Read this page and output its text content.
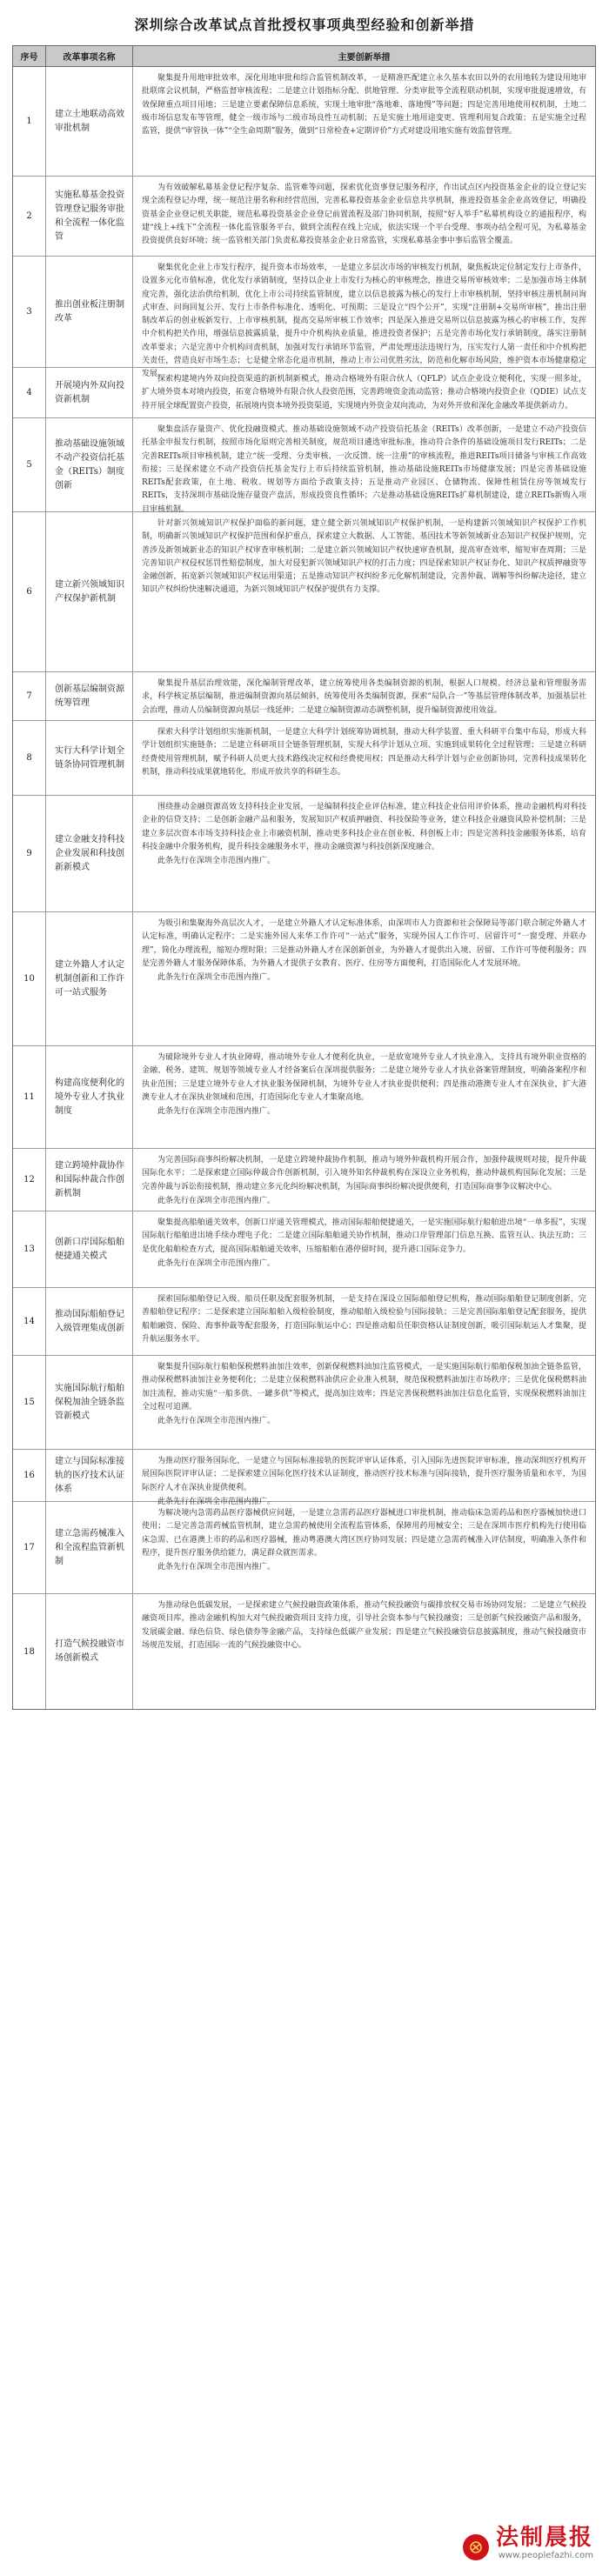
深圳综合改革试点首批授权事项典型经验和创新举措
序号	改革事项名称	主要创新举措
1
建立土地联动高效审批机制

聚集提升用地审批效率，深化用地审批和综合监管机制改革，一是精准匹配建立永久基本农田以外的农用地转为建设用地审批联席会议机制，严格监督审核流程；二是建立计划指标分配、供地管理、分类审批等全流程联动机制，实现审批提速增效，有效保障重点项目用地；三是建立要素保障信息系统，实现土地审批“落地难、落地慢”等问题；四是完善用地使用权机制，土地二级市场信息发布等管理，健全一级市场与二级市场良性互动机制；五是实施土地用途变更、管理利用复合政策；五是实施全过程监管，提供“审管执一体”“全生命周期”服务，做到“日常检查+定期评价”方式对建设用地实施有效监督管理。

2
实施私募基金投资管理登记服务审批和全流程一体化监管

为有效破解私募基金登记程序复杂、监管难等问题，探索优化资事登记服务程序，作出试点区内投资基金企业的设立登记实现全流程登记办理，统一规范注册名称和经营范围，完善私募投资基金企业信息共享机制，推进投资基金企业高效登记，明确投资基金企业登记机关职能，规范私募投资基金企业登记前置流程及部门协同机制，按照“好人举手”私募机构设立的通报程序，构建“线上+线下”全流程一体化监管服务平台，做到全流程在线上完成，依法实现一个平台受理、事项办结全程可见，为私募基金投资提供良好环境；统一监管相关部门负责私募投资基金企业日常监管，实现私募基金事中事后监管全覆盖。

3
推出创业板注册制改革

聚集优化企业上市发行程序，提升资本市场效率，一是建立多层次市场的审核发行机制，聚焦板块定位制定发行上市条件，设置多元化市值标准，优化发行承销制度，坚持以企业上市发行为核心的审核理念，推进交易所审核效率；二是加强市场主体制度完善，强化法治供给机制，优化上市公司持续监管制度，建立以信息披露为核心的发行上市审核机制，坚持审核注册机制问询式审查、问询回复公开、发行上市条件标准化、透明化、可预期；三是设立“四个公开”，实现“注册制+交易所审核”，推出注册制改革后的创业板新发行、上市审核机制，提高交易所审核工作效率；四是深入推进交易所以信息披露为核心的审核工作，发挥中介机构把关作用，增强信息披露质量，提升中介机构执业质量，推进投资者保护；五是完善市场化发行承销制度，落实注册制改革要求；六是完善中介机构问责机制，加强对发行承销环节监管，严肃处理违法违规行为，压实发行人第一责任和中介机构把关责任，营造良好市场生态；七是健全常态化退市机制，推动上市公司优胜劣汰，防范和化解市场风险，维护资本市场健康稳定发展。

4
开展境内外双向投资新机制

探索构建境内外双向投资渠道的新机制新模式，推动合格境外有限合伙人（QFLP）试点企业设立便利化，实现一照多址，扩大境外资本对境内投资，拓宽合格境外有限合伙人投资范围，完善跨境资金流动监管；推动合格境内投资企业（QDIE）试点支持开展全球配置资产投资，拓展境内资本境外投资渠道，实现境内外资金双向流动，为对外开放和深化金融改革提供新动力。

5
推动基础设施领域不动产投资信托基金（REITs）制度创新

聚集盘活存量资产、优化投融资模式、推动基础设施领域不动产投资信托基金（REITs）改革创新，一是建立不动产投资信托基金申报发行机制，按照市场化原则完善相关制度，规范项目遴选审批标准，推动符合条件的基础设施项目发行REITs；二是完善REITs项目审核机制，建立“统一受理、分类审核、一次反馈、统一注册”的审核流程，推进REITs项目储备与审核工作高效衔接；三是探索建立不动产投资信托基金发行上市后持续监管机制，推动基础设施REITs市场健康发展；四是完善基础设施REITs配套政策，在土地、税收、规划等方面给予政策支持；五是推动产业园区、仓储物流、保障性租赁住房等领域发行REITs，支持深圳市基础设施存量资产盘活，形成投资良性循环；六是推动基础设施REITs扩募机制建设，建立REITs新购入项目审核机制。

6
建立新兴领域知识产权保护新机制

针对新兴领域知识产权保护面临的新问题，建立健全新兴领域知识产权保护机制，一是构建新兴领域知识产权保护工作机制，明确新兴领域知识产权保护范围和保护重点，探索建立大数据、人工智能、基因技术等新领域新业态知识产权保护规则，完善涉及新领域新业态的知识产权审查审核机制；二是建立新兴领域知识产权快速审查机制，提高审查效率，缩短审查周期；三是完善知识产权侵权惩罚性赔偿制度，加大对侵犯新兴领域知识产权的打击力度；四是探索知识产权证券化、知识产权质押融资等金融创新，拓宽新兴领域知识产权运用渠道；五是推动知识产权纠纷多元化解机制建设，完善仲裁、调解等纠纷解决途径，建立知识产权纠纷快速解决通道，为新兴领域知识产权保护提供有力支撑。

7
创新基层编制资源统筹管理

聚集提升基层治理效能，深化编制管理改革，建立统筹使用各类编制资源的机制，根据人口规模、经济总量和管理服务需求，科学核定基层编制，推进编制资源向基层倾斜，统筹使用各类编制资源，探索“局队合一”等基层管理体制改革，加强基层社会治理，推动人员编制资源向基层一线延伸；二是建立编制资源动态调整机制，提升编制资源使用效益。

8
实行大科学计划全链条协同管理机制

探索大科学计划组织实施新机制，一是建立大科学计划统筹协调机制，推动大科学装置、重大科研平台集中布局，形成大科学计划组织实施链条；二是建立科研项目全链条管理机制，实现大科学计划从立项、实施到成果转化全过程管理；三是建立科研经费使用管理机制，赋予科研人员更大技术路线决定权和经费使用权；四是推动大科学计划与企业创新协同，完善科技成果转化机制，推动科技成果就地转化，形成开放共享的科研生态。

9
建立金融支持科技企业发展和科技创新新模式

围绕推动金融资源高效支持科技企业发展，一是编制科技企业评估标准，建立科技企业信用评价体系，推动金融机构对科技企业的信贷支持；二是创新金融产品和服务，发展知识产权质押融资、科技保险等业务，建立科技企业融资风险补偿机制；三是建立多层次资本市场支持科技企业上市融资机制，推动更多科技企业在创业板、科创板上市；四是完善科技金融服务体系，培育科技金融中介服务机构，提升科技金融服务水平，推动金融资源与科技创新深度融合。

此条先行在深圳全市范围内推广。

10
建立外籍人才认定机制创新和工作许可一站式服务

为吸引和集聚海外高层次人才，一是建立外籍人才认定标准体系，由深圳市人力资源和社会保障局等部门联合制定外籍人才认定标准，明确认定程序；二是实施外国人来华工作许可“一站式”服务，实现外国人工作许可、居留许可“一窗受理、并联办理”，简化办理流程，缩短办理时限；三是推动外籍人才在深创新创业，为外籍人才提供出入境、居留、工作许可等便利服务；四是完善外籍人才服务保障体系，为外籍人才提供子女教育、医疗、住房等方面便利，打造国际化人才发展环境。

此条先行在深圳全市范围内推广。

11
构建高度便利化的境外专业人才执业制度

为破除境外专业人才执业障碍，推动境外专业人才便利化执业，一是放宽境外专业人才执业准入，支持具有境外职业资格的金融、税务、建筑、规划等领域专业人才经备案后在深圳提供服务；二是建立境外专业人才执业备案管理制度，明确备案程序和执业范围；三是建立境外专业人才执业服务保障机制，为境外专业人才执业提供便利；四是推动港澳专业人才在深执业，扩大港澳专业人才在深执业领域和范围，打造国际化专业人才集聚高地。

此条先行在深圳全市范围内推广。

12
建立跨境仲裁协作和国际仲裁合作创新机制

为完善国际商事纠纷解决机制，一是建立跨境仲裁协作机制，推动与境外仲裁机构开展合作，加强仲裁规则对接，提升仲裁国际化水平；二是探索建立国际仲裁合作创新机制，引入境外知名仲裁机构在深设立业务机构，推动仲裁机构国际化发展；三是完善仲裁与诉讼衔接机制，推动建立多元化纠纷解决机制，为国际商事纠纷解决提供便利，打造国际商事争议解决中心。

此条先行在深圳全市范围内推广。

13
创新口岸国际船舶便捷通关模式

聚集提高船舶通关效率，创新口岸通关管理模式，推动国际船舶便捷通关，一是实施国际航行船舶进出境“一单多报”，实现国际航行船舶进出境手续办理电子化；二是建立国际船舶通关协作机制，推动口岸管理部门信息互换、监管互认、执法互助；三是优化船舶检查方式，提高国际船舶通关效率，压缩船舶在港停留时间，提升港口国际竞争力。

此条先行在深圳全市范围内推广。

14
推动国际船舶登记入级管理集成创新

探索国际船舶登记入级、船员任职及配套服务机制，一是支持在深设立国际船舶登记机构，推动国际船舶登记制度创新，完善船舶登记程序；二是探索建立国际船舶入级检验制度，推动船舶入级检验与国际接轨；三是完善国际船舶登记配套服务，提供船舶融资、保险、海事仲裁等配套服务，打造国际航运中心；四是推动船员任职资格认证制度创新，吸引国际航运人才集聚，提升航运服务水平。

15
实施国际航行船舶保税加油全链条监管新模式

聚集提升国际航行船舶保税燃料油加注效率，创新保税燃料油加注监管模式，一是实施国际航行船舶保税加油全链条监管，推动保税燃料油加注业务便利化；二是建立保税燃料油供应企业准入机制，规范保税燃料油加注市场秩序；三是优化保税燃料油加注流程，推动实施“一船多供、一罐多供”等模式，提高加注效率；四是完善保税燃料油加注信息化监管，实现保税燃料油加注全过程可追溯。

此条先行在深圳全市范围内推广。

16
建立与国际标准接轨的医疗技术认证体系

为推动医疗服务国际化，一是建立与国际标准接轨的医院评审认证体系，引入国际先进医院评审标准，推动深圳医疗机构开展国际医院评审认证；二是探索建立国际化医疗技术认证制度，推动医疗技术标准与国际接轨，提升医疗服务质量和水平，为国际医疗人才在深执业提供便利。

此条先行在深圳全市范围内推广。

17
建立急需药械准入和全流程监管新机制

为解决境内急需药品医疗器械供应问题，一是建立急需药品医疗器械进口审批机制，推动临床急需药品和医疗器械加快进口使用；二是完善急需药械监管机制，建立急需药械使用全流程监管体系，保障用药用械安全；三是在深圳市医疗机构先行使用临床急需、已在港澳上市的药品和医疗器械，推动粤港澳大湾区医疗协同发展；四是建立急需药械准入评估制度，明确准入条件和程序，提升医疗服务供给能力，满足群众就医需求。

此条先行在深圳全市范围内推广。

18
打造气候投融资市场创新模式

为推动绿色低碳发展，一是探索建立气候投融资政策体系，推动气候投融资与碳排放权交易市场协同发展；二是建立气候投融资项目库，推动金融机构加大对气候投融资项目支持力度，引导社会资本参与气候投融资；三是创新气候投融资产品和服务，发展碳金融、绿色信贷、绿色债券等金融产品，支持绿色低碳产业发展；四是建立气候投融资信息披露制度，推动气候投融资市场规范发展，打造国际一流的气候投融资中心。

法制晨报
www.peoplefazhi.com
